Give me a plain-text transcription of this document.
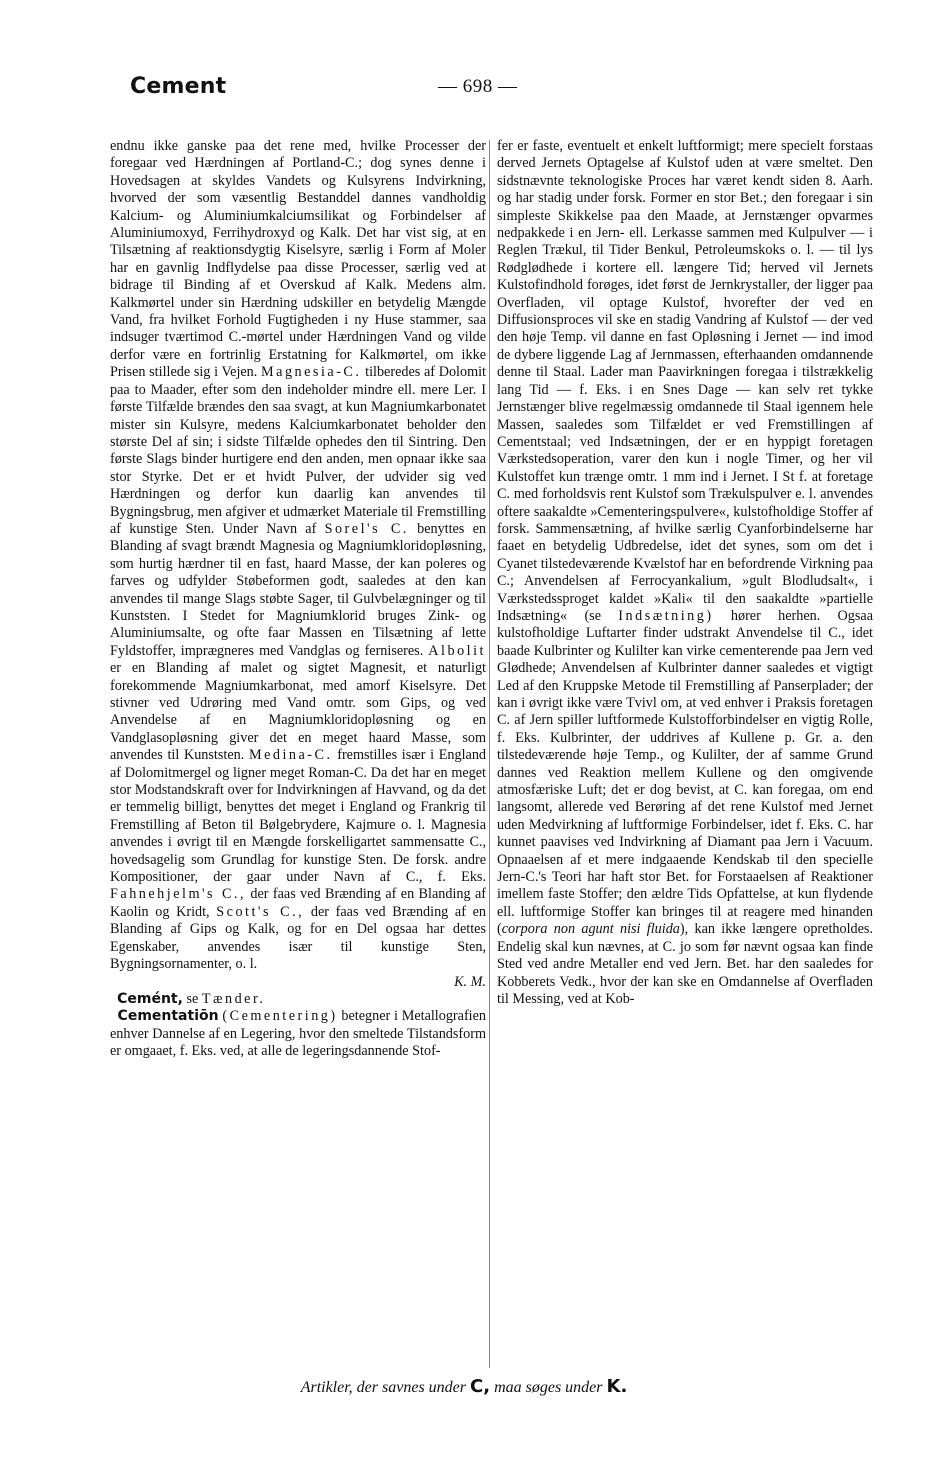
Cement	— 698 —

endnu ikke ganske paa det rene med, hvilke Processer der foregaar ved Hærdningen af Portland-C.; dog synes denne i Hovedsagen at skyldes Vandets og Kulsyrens Indvirkning, hvorved der som væsentlig Bestanddel dannes vandholdig Kalcium- og Aluminiumkalciumsilikat og Forbindelser af Aluminiumoxyd, Ferrihydroxyd og Kalk. Det har vist sig, at en Tilsætning af reaktionsdygtig Kiselsyre, særlig i Form af Moler har en gavnlig Indflydelse paa disse Processer, særlig ved at bidrage til Binding af et Overskud af Kalk. Medens alm. Kalkmørtel under sin Hærdning udskiller en betydelig Mængde Vand, fra hvilket Forhold Fugtigheden i ny Huse stammer, saa indsuger tværtimod C.-mørtel under Hærdningen Vand og vilde derfor være en fortrinlig Erstatning for Kalkmørtel, om ikke Prisen stillede sig i Vejen. Magnesia-C. tilberedes af Dolomit paa to Maader, efter som den indeholder mindre ell. mere Ler. I første Tilfælde brændes den saa svagt, at kun Magniumkarbonatet mister sin Kulsyre, medens Kalciumkarbonatet beholder den største Del af sin; i sidste Tilfælde ophedes den til Sintring. Den første Slags binder hurtigere end den anden, men opnaar ikke saa stor Styrke. Det er et hvidt Pulver, der udvider sig ved Hærdningen og derfor kun daarlig kan anvendes til Bygningsbrug, men afgiver et udmærket Materiale til Fremstilling af kunstige Sten. Under Navn af Sorel's C. benyttes en Blanding af svagt brændt Magnesia og Magniumkloridopløsning, som hurtig hærdner til en fast, haard Masse, der kan poleres og farves og udfylder Støbeformen godt, saaledes at den kan anvendes til mange Slags støbte Sager, til Gulvbelægninger og til Kunststen. I Stedet for Magniumklorid bruges Zink- og Aluminiumsalte, og ofte faar Massen en Tilsætning af lette Fyldstoffer, imprægneres med Vandglas og ferniseres. Albolit er en Blanding af malet og sigtet Magnesit, et naturligt forekommende Magniumkarbonat, med amorf Kiselsyre. Det stivner ved Udrøring med Vand omtr. som Gips, og ved Anvendelse af en Magniumkloridopløsning og en Vandglasopløsning giver det en meget haard Masse, som anvendes til Kunststen. Medina-C. fremstilles især i England af Dolomitmergel og ligner meget Roman-C. Da det har en meget stor Modstandskraft over for Indvirkningen af Havvand, og da det er temmelig billigt, benyttes det meget i England og Frankrig til Fremstilling af Beton til Bølgebrydere, Kajmure o. l. Magnesia anvendes i øvrigt til en Mængde forskelligartet sammensatte C., hovedsagelig som Grundlag for kunstige Sten. De forsk. andre Kompositioner, der gaar under Navn af C., f. Eks. Fahnehjelm's C., der faas ved Brænding af en Blanding af Kaolin og Kridt, Scott's C., der faas ved Brænding af en Blanding af Gips og Kalk, og for en Del ogsaa har dettes Egenskaber, anvendes især til kunstige Sten, Bygningsornamenter, o. l.

K. M.

Cemént, se Tænder.

Cementatiōn (Cementering) betegner i Metallografien enhver Dannelse af en Legering, hvor den smeltede Tilstandsform er omgaaet, f. Eks. ved, at alle de legeringsdannende Stof-

fer er faste, eventuelt et enkelt luftformigt; mere specielt forstaas derved Jernets Optagelse af Kulstof uden at være smeltet. Den sidstnævnte teknologiske Proces har været kendt siden 8. Aarh. og har stadig under forsk. Former en stor Bet.; den foregaar i sin simpleste Skikkelse paa den Maade, at Jernstænger opvarmes nedpakkede i en Jern- ell. Lerkasse sammen med Kulpulver — i Reglen Trækul, til Tider Benkul, Petroleumskoks o. l. — til lys Rødglødhede i kortere ell. længere Tid; herved vil Jernets Kulstofindhold forøges, idet først de Jernkrystaller, der ligger paa Overfladen, vil optage Kulstof, hvorefter der ved en Diffusionsproces vil ske en stadig Vandring af Kulstof — der ved den høje Temp. vil danne en fast Opløsning i Jernet — ind imod de dybere liggende Lag af Jernmassen, efterhaanden omdannende denne til Staal. Lader man Paavirkningen foregaa i tilstrækkelig lang Tid — f. Eks. i en Snes Dage — kan selv ret tykke Jernstænger blive regelmæssig omdannede til Staal igennem hele Massen, saaledes som Tilfældet er ved Fremstillingen af Cementstaal; ved Indsætningen, der er en hyppigt foretagen Værkstedsoperation, varer den kun i nogle Timer, og her vil Kulstoffet kun trænge omtr. 1 mm ind i Jernet. I St f. at foretage C. med forholdsvis rent Kulstof som Trækulspulver e. l. anvendes oftere saakaldte »Cementeringspulvere«, kulstofholdige Stoffer af forsk. Sammensætning, af hvilke særlig Cyanforbindelserne har faaet en betydelig Udbredelse, idet det synes, som om det i Cyanet tilstedeværende Kvælstof har en befordrende Virkning paa C.; Anvendelsen af Ferrocyankalium, »gult Blodludsalt«, i Værkstedssproget kaldet »Kali« til den saakaldte »partielle Indsætning« (se Indsætning) hører herhen. Ogsaa kulstofholdige Luftarter finder udstrakt Anvendelse til C., idet baade Kulbrinter og Kulilter kan virke cementerende paa Jern ved Glødhede; Anvendelsen af Kulbrinter danner saaledes et vigtigt Led af den Kruppske Metode til Fremstilling af Panserplader; der kan i øvrigt ikke være Tvivl om, at ved enhver i Praksis foretagen C. af Jern spiller luftformede Kulstofforbindelser en vigtig Rolle, f. Eks. Kulbrinter, der uddrives af Kullene p. Gr. a. den tilstedeværende høje Temp., og Kulilter, der af samme Grund dannes ved Reaktion mellem Kullene og den omgivende atmosfæriske Luft; det er dog bevist, at C. kan foregaa, om end langsomt, allerede ved Berøring af det rene Kulstof med Jernet uden Medvirkning af luftformige Forbindelser, idet f. Eks. C. har kunnet paavises ved Indvirkning af Diamant paa Jern i Vacuum. Opnaaelsen af et mere indgaaende Kendskab til den specielle Jern-C.'s Teori har haft stor Bet. for Forstaaelsen af Reaktioner imellem faste Stoffer; den ældre Tids Opfattelse, at kun flydende ell. luftformige Stoffer kan bringes til at reagere med hinanden (corpora non agunt nisi fluida), kan ikke længere opretholdes. Endelig skal kun nævnes, at C. jo som før nævnt ogsaa kan finde Sted ved andre Metaller end ved Jern. Bet. har den saaledes for Kobberets Vedk., hvor der kan ske en Omdannelse af Overfladen til Messing, ved at Kob-

Artikler, der savnes under C, maa søges under K.
